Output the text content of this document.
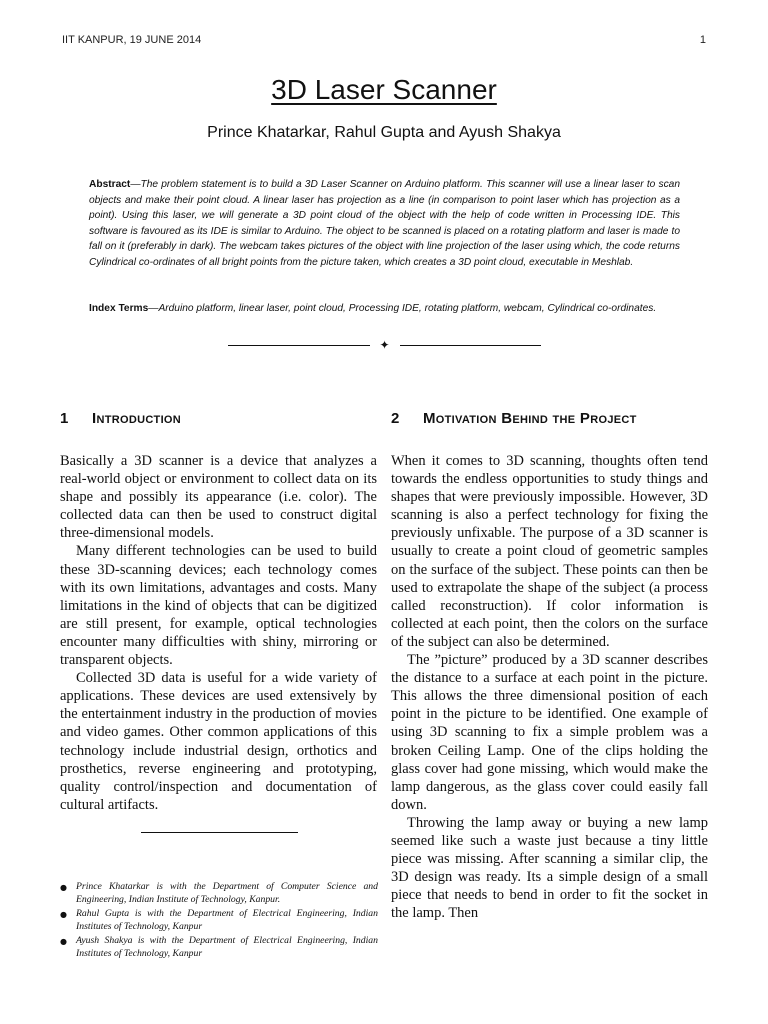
IIT KANPUR, 19 JUNE 2014	1
3D Laser Scanner
Prince Khatarkar, Rahul Gupta and Ayush Shakya
Abstract—The problem statement is to build a 3D Laser Scanner on Arduino platform. This scanner will use a linear laser to scan objects and make their point cloud. A linear laser has projection as a line (in comparison to point laser which has projection as a point). Using this laser, we will generate a 3D point cloud of the object with the help of code written in Processing IDE. This software is favoured as its IDE is similar to Arduino. The object to be scanned is placed on a rotating platform and laser is made to fall on it (preferably in dark). The webcam takes pictures of the object with line projection of the laser using which, the code returns Cylindrical co-ordinates of all bright points from the picture taken, which creates a 3D point cloud, executable in Meshlab.
Index Terms—Arduino platform, linear laser, point cloud, Processing IDE, rotating platform, webcam, Cylindrical co-ordinates.
✦
1	Introduction

Basically a 3D scanner is a device that analyzes a real-world object or environment to collect data on its shape and possibly its appearance (i.e. color). The collected data can then be used to construct digital three-dimensional models.

Many different technologies can be used to build these 3D-scanning devices; each technology comes with its own limitations, advantages and costs. Many limitations in the kind of objects that can be digitized are still present, for example, optical technologies encounter many difficulties with shiny, mirroring or transparent objects.

Collected 3D data is useful for a wide variety of applications. These devices are used extensively by the entertainment industry in the production of movies and video games. Other common applications of this technology include industrial design, orthotics and prosthetics, reverse engineering and prototyping, quality control/inspection and documentation of cultural artifacts.

● Prince Khatarkar is with the Department of Computer Science and Engineering, Indian Institute of Technology, Kanpur.
● Rahul Gupta is with the Department of Electrical Engineering, Indian Institutes of Technology, Kanpur
● Ayush Shakya is with the Department of Electrical Engineering, Indian Institutes of Technology, Kanpur
2	Motivation Behind the Project

When it comes to 3D scanning, thoughts often tend towards the endless opportunities to study things and shapes that were previously impossible. However, 3D scanning is also a perfect technology for fixing the previously unfixable. The purpose of a 3D scanner is usually to create a point cloud of geometric samples on the surface of the subject. These points can then be used to extrapolate the shape of the subject (a process called reconstruction). If color information is collected at each point, then the colors on the surface of the subject can also be determined.

The ”picture” produced by a 3D scanner describes the distance to a surface at each point in the picture. This allows the three dimensional position of each point in the picture to be identified. One example of using 3D scanning to fix a simple problem was a broken Ceiling Lamp. One of the clips holding the glass cover had gone missing, which would make the lamp dangerous, as the glass cover could easily fall down.

Throwing the lamp away or buying a new lamp seemed like such a waste just because a tiny little piece was missing. After scanning a similar clip, the 3D design was ready. Its a simple design of a small piece that needs to bend in order to fit the socket in the lamp. Then
